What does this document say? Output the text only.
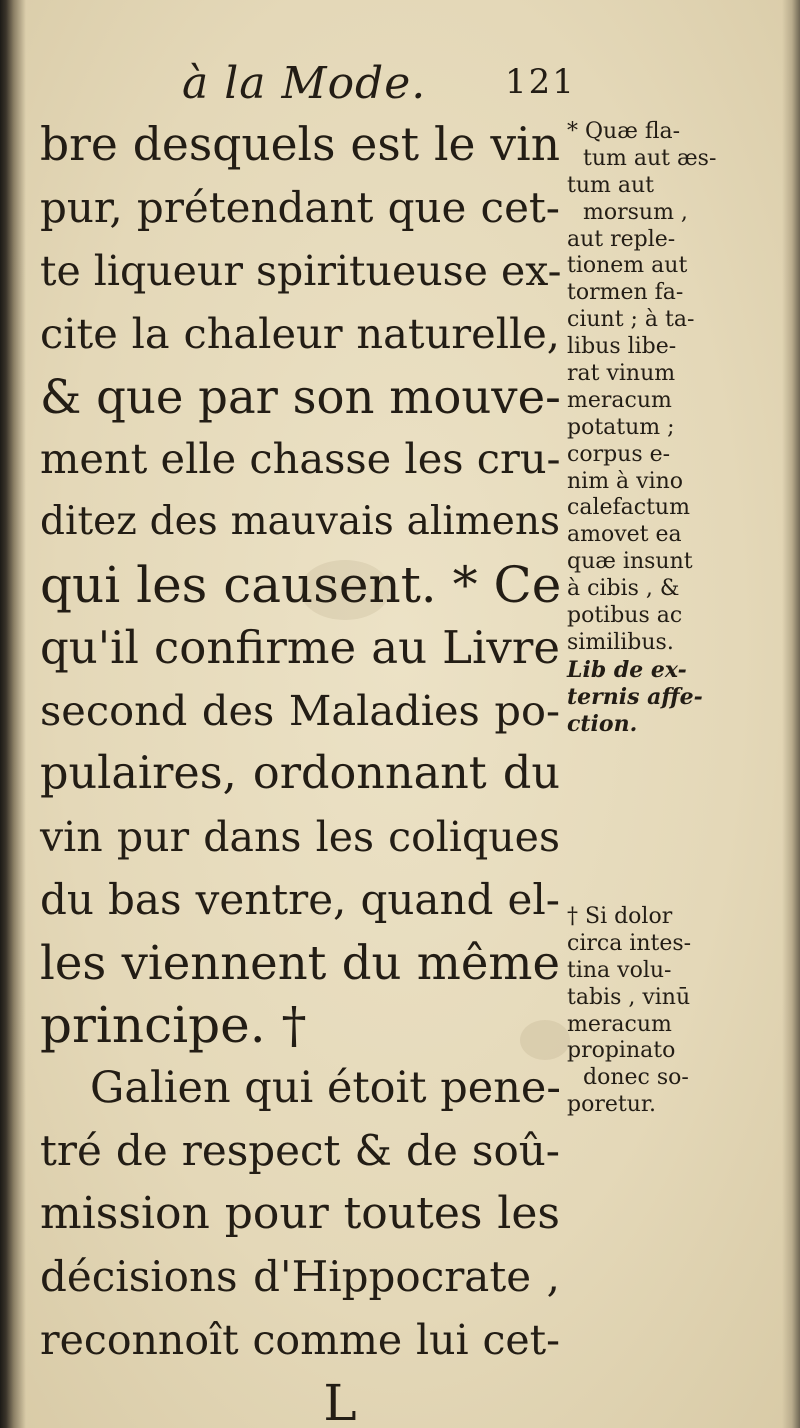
à la Mode. 121
bre desquels est le vin
pur, prétendant que cet-
te liqueur spiritueuse ex-
cite la chaleur naturelle,
& que par son mouve-
ment elle chasse les cru-
ditez des mauvais alimens
qui les causent. * Ce
qu'il confirme au Livre
second des Maladies po-
pulaires, ordonnant du
vin pur dans les coliques
du bas ventre, quand el-
les viennent du même
principe. †
Galien qui étoit pene-
tré de respect & de soû-
mission pour toutes les
décisions d'Hippocrate ,
reconnoît comme lui cet-
L
* Quæ fla-
tum aut æs-
tum aut
morsum ,
aut reple-
tionem aut
tormen fa-
ciunt ; à ta-
libus libe-
rat vinum
meracum
potatum ;
corpus e-
nim à vino
calefactum
amovet ea
quæ insunt
à cibis , &
potibus ac
similibus.
Lib de ex-
ternis affe-
ction.
† Si dolor
circa intes-
tina volu-
tabis , vinū
meracum
propinato
donec so-
poretur.
